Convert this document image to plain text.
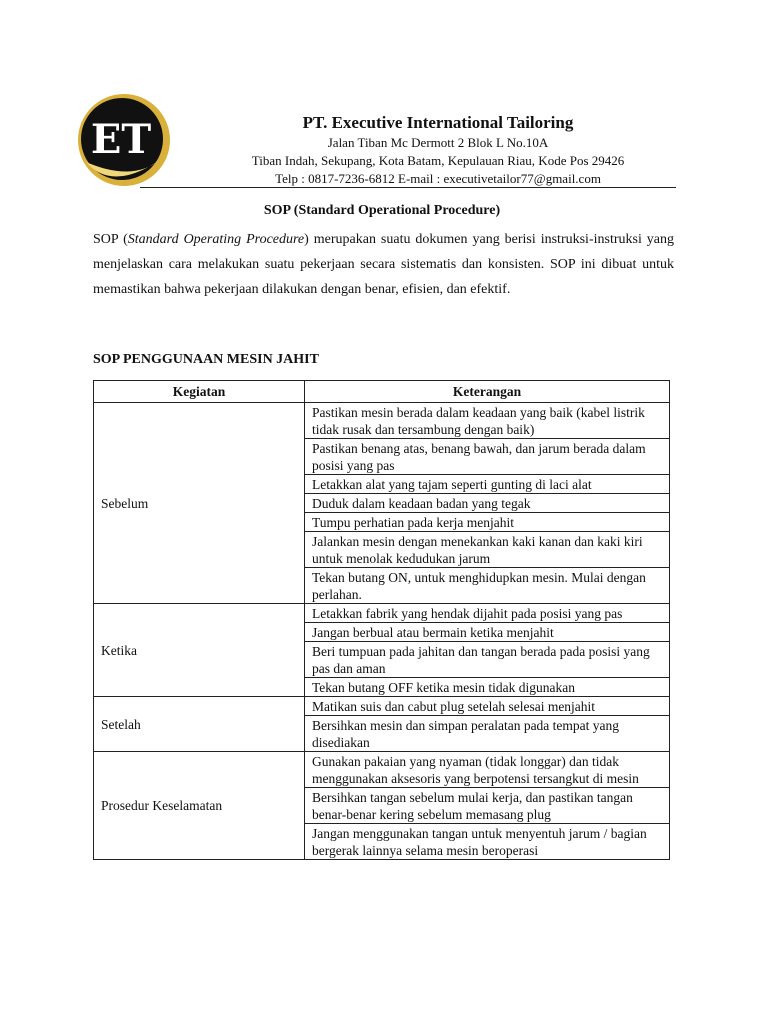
ET	PT. Executive International Tailoring
Jalan Tiban Mc Dermott 2 Blok L No.10A
Tiban Indah, Sekupang, Kota Batam, Kepulauan Riau, Kode Pos 29426
Telp : 0817-7236-6812 E-mail : executivetailor77@gmail.com
SOP (Standard Operational Procedure)

SOP (Standard Operating Procedure) merupakan suatu dokumen yang berisi instruksi-instruksi yang menjelaskan cara melakukan suatu pekerjaan secara sistematis dan konsisten. SOP ini dibuat untuk memastikan bahwa pekerjaan dilakukan dengan benar, efisien, dan efektif.

SOP PENGGUNAAN MESIN JAHIT
Kegiatan	Keterangan
Sebelum	Pastikan mesin berada dalam keadaan yang baik (kabel listrik tidak rusak dan tersambung dengan baik)
	Pastikan benang atas, benang bawah, dan jarum berada dalam posisi yang pas
	Letakkan alat yang tajam seperti gunting di laci alat
	Duduk dalam keadaan badan yang tegak
	Tumpu perhatian pada kerja menjahit
	Jalankan mesin dengan menekankan kaki kanan dan kaki kiri untuk menolak kedudukan jarum
	Tekan butang ON, untuk menghidupkan mesin. Mulai dengan perlahan.
Ketika	Letakkan fabrik yang hendak dijahit pada posisi yang pas
	Jangan berbual atau bermain ketika menjahit
	Beri tumpuan pada jahitan dan tangan berada pada posisi yang pas dan aman
	Tekan butang OFF ketika mesin tidak digunakan
Setelah	Matikan suis dan cabut plug setelah selesai menjahit
	Bersihkan mesin dan simpan peralatan pada tempat yang disediakan
Prosedur Keselamatan	Gunakan pakaian yang nyaman (tidak longgar) dan tidak menggunakan aksesoris yang berpotensi tersangkut di mesin
	Bersihkan tangan sebelum mulai kerja, dan pastikan tangan benar-benar kering sebelum memasang plug
	Jangan menggunakan tangan untuk menyentuh jarum / bagian bergerak lainnya selama mesin beroperasi
